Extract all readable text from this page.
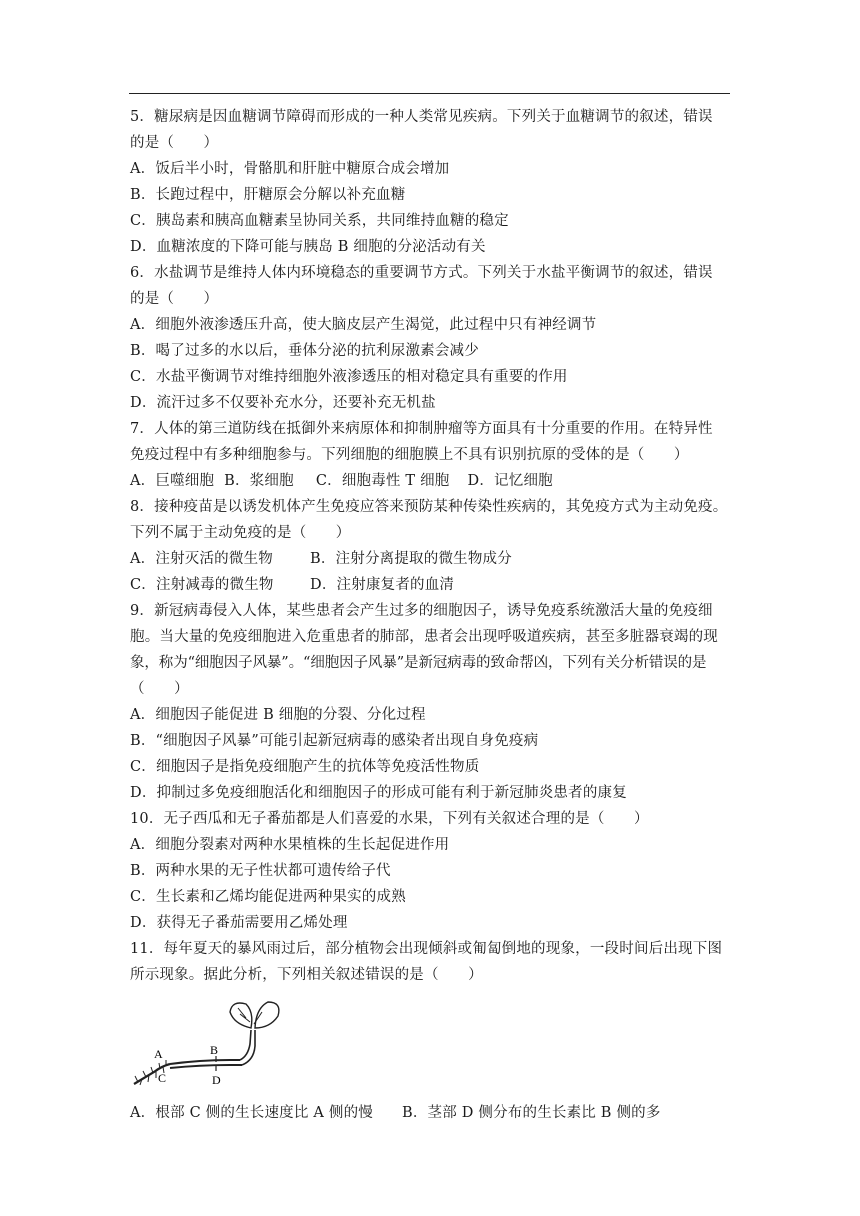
5．糖尿病是因血糖调节障碍而形成的一种人类常见疾病。下列关于血糖调节的叙述，错误
的是（　　）
A．饭后半小时，骨骼肌和肝脏中糖原合成会增加
B．长跑过程中，肝糖原会分解以补充血糖
C．胰岛素和胰高血糖素呈协同关系，共同维持血糖的稳定
D．血糖浓度的下降可能与胰岛 B 细胞的分泌活动有关
6．水盐调节是维持人体内环境稳态的重要调节方式。下列关于水盐平衡调节的叙述，错误
的是（　　）
A．细胞外液渗透压升高，使大脑皮层产生渴觉，此过程中只有神经调节
B．喝了过多的水以后，垂体分泌的抗利尿激素会减少
C．水盐平衡调节对维持细胞外液渗透压的相对稳定具有重要的作用
D．流汗过多不仅要补充水分，还要补充无机盐
7．人体的第三道防线在抵御外来病原体和抑制肿瘤等方面具有十分重要的作用。在特异性
免疫过程中有多种细胞参与。下列细胞的细胞膜上不具有识别抗原的受体的是（　　）
A．巨噬细胞 B．浆细胞 C．细胞毒性 T 细胞 D．记忆细胞
8．接种疫苗是以诱发机体产生免疫应答来预防某种传染性疾病的，其免疫方式为主动免疫。
下列不属于主动免疫的是（　　）
A．注射灭活的微生物	B．注射分离提取的微生物成分
C．注射减毒的微生物	D．注射康复者的血清
9．新冠病毒侵入人体，某些患者会产生过多的细胞因子，诱导免疫系统激活大量的免疫细
胞。当大量的免疫细胞进入危重患者的肺部，患者会出现呼吸道疾病，甚至多脏器衰竭的现
象，称为“细胞因子风暴”。“细胞因子风暴”是新冠病毒的致命帮凶，下列有关分析错误的是
（　　）
A．细胞因子能促进 B 细胞的分裂、分化过程
B．“细胞因子风暴”可能引起新冠病毒的感染者出现自身免疫病
C．细胞因子是指免疫细胞产生的抗体等免疫活性物质
D．抑制过多免疫细胞活化和细胞因子的形成可能有利于新冠肺炎患者的康复
10．无子西瓜和无子番茄都是人们喜爱的水果，下列有关叙述合理的是（　　）
A．细胞分裂素对两种水果植株的生长起促进作用
B．两种水果的无子性状都可遗传给子代
C．生长素和乙烯均能促进两种果实的成熟
D．获得无子番茄需要用乙烯处理
11．每年夏天的暴风雨过后，部分植物会出现倾斜或匍匐倒地的现象，一段时间后出现下图
所示现象。据此分析，下列相关叙述错误的是（　　）
A	B
C	D
A．根部 C 侧的生长速度比 A 侧的慢	B．茎部 D 侧分布的生长素比 B 侧的多
